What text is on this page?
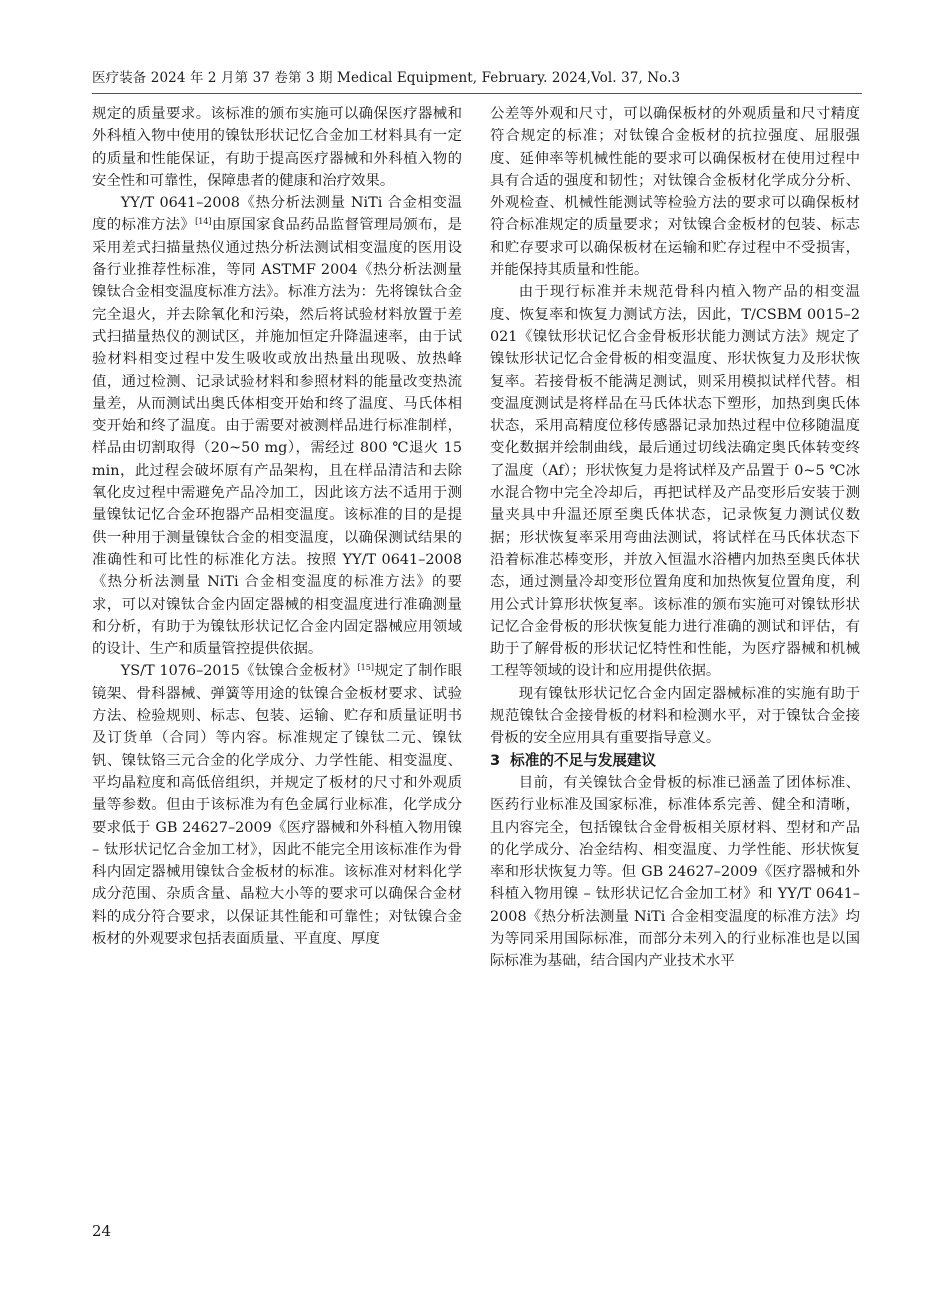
医疗装备 2024 年 2 月第 37 卷第 3 期 Medical Equipment, February. 2024,Vol. 37, No.3

规定的质量要求。该标准的颁布实施可以确保医疗器械和外科植入物中使用的镍钛形状记忆合金加工材料具有一定的质量和性能保证，有助于提高医疗器械和外科植入物的安全性和可靠性，保障患者的健康和治疗效果。

YY/T 0641–2008《热分析法测量 NiTi 合金相变温度的标准方法》[14]由原国家食品药品监督管理局颁布，是采用差式扫描量热仪通过热分析法测试相变温度的医用设备行业推荐性标准，等同 ASTMF 2004《热分析法测量镍钛合金相变温度标准方法》。标准方法为：先将镍钛合金完全退火，并去除氧化和污染，然后将试验材料放置于差式扫描量热仪的测试区，并施加恒定升降温速率，由于试验材料相变过程中发生吸收或放出热量出现吸、放热峰值，通过检测、记录试验材料和参照材料的能量改变热流量差，从而测试出奥氏体相变开始和终了温度、马氏体相变开始和终了温度。由于需要对被测样品进行标准制样，样品由切割取得（20~50 mg），需经过 800 ℃退火 15 min，此过程会破坏原有产品架构，且在样品清洁和去除氧化皮过程中需避免产品冷加工，因此该方法不适用于测量镍钛记忆合金环抱器产品相变温度。该标准的目的是提供一种用于测量镍钛合金的相变温度，以确保测试结果的准确性和可比性的标准化方法。按照 YY/T 0641–2008《热分析法测量 NiTi 合金相变温度的标准方法》的要求，可以对镍钛合金内固定器械的相变温度进行准确测量和分析，有助于为镍钛形状记忆合金内固定器械应用领域的设计、生产和质量管控提供依据。

YS/T 1076–2015《钛镍合金板材》[15]规定了制作眼镜架、骨科器械、弹簧等用途的钛镍合金板材要求、试验方法、检验规则、标志、包装、运输、贮存和质量证明书及订货单（合同）等内容。标准规定了镍钛二元、镍钛钒、镍钛铬三元合金的化学成分、力学性能、相变温度、平均晶粒度和高低倍组织，并规定了板材的尺寸和外观质量等参数。但由于该标准为有色金属行业标准，化学成分要求低于 GB 24627–2009《医疗器械和外科植入物用镍 – 钛形状记忆合金加工材》，因此不能完全用该标准作为骨科内固定器械用镍钛合金板材的标准。该标准对材料化学成分范围、杂质含量、晶粒大小等的要求可以确保合金材料的成分符合要求，以保证其性能和可靠性；对钛镍合金板材的外观要求包括表面质量、平直度、厚度

公差等外观和尺寸，可以确保板材的外观质量和尺寸精度符合规定的标准；对钛镍合金板材的抗拉强度、屈服强度、延伸率等机械性能的要求可以确保板材在使用过程中具有合适的强度和韧性；对钛镍合金板材化学成分分析、外观检查、机械性能测试等检验方法的要求可以确保板材符合标准规定的质量要求；对钛镍合金板材的包装、标志和贮存要求可以确保板材在运输和贮存过程中不受损害，并能保持其质量和性能。

由于现行标准并未规范骨科内植入物产品的相变温度、恢复率和恢复力测试方法，因此，T/CSBM 0015–2021《镍钛形状记忆合金骨板形状能力测试方法》规定了镍钛形状记忆合金骨板的相变温度、形状恢复力及形状恢复率。若接骨板不能满足测试，则采用模拟试样代替。相变温度测试是将样品在马氏体状态下塑形，加热到奥氏体状态，采用高精度位移传感器记录加热过程中位移随温度变化数据并绘制曲线，最后通过切线法确定奥氏体转变终了温度（Af）；形状恢复力是将试样及产品置于 0~5 ℃冰水混合物中完全冷却后，再把试样及产品变形后安装于测量夹具中升温还原至奥氏体状态，记录恢复力测试仪数据；形状恢复率采用弯曲法测试，将试样在马氏体状态下沿着标准芯棒变形，并放入恒温水浴槽内加热至奥氏体状态，通过测量冷却变形位置角度和加热恢复位置角度，利用公式计算形状恢复率。该标准的颁布实施可对镍钛形状记忆合金骨板的形状恢复能力进行准确的测试和评估，有助于了解骨板的形状记忆特性和性能，为医疗器械和机械工程等领域的设计和应用提供依据。

现有镍钛形状记忆合金内固定器械标准的实施有助于规范镍钛合金接骨板的材料和检测水平，对于镍钛合金接骨板的安全应用具有重要指导意义。

3 标准的不足与发展建议

目前，有关镍钛合金骨板的标准已涵盖了团体标准、医药行业标准及国家标准，标准体系完善、健全和清晰，且内容完全，包括镍钛合金骨板相关原材料、型材和产品的化学成分、冶金结构、相变温度、力学性能、形状恢复率和形状恢复力等。但 GB 24627–2009《医疗器械和外科植入物用镍 – 钛形状记忆合金加工材》和 YY/T 0641–2008《热分析法测量 NiTi 合金相变温度的标准方法》均为等同采用国际标准，而部分未列入的行业标准也是以国际标准为基础，结合国内产业技术水平

24
